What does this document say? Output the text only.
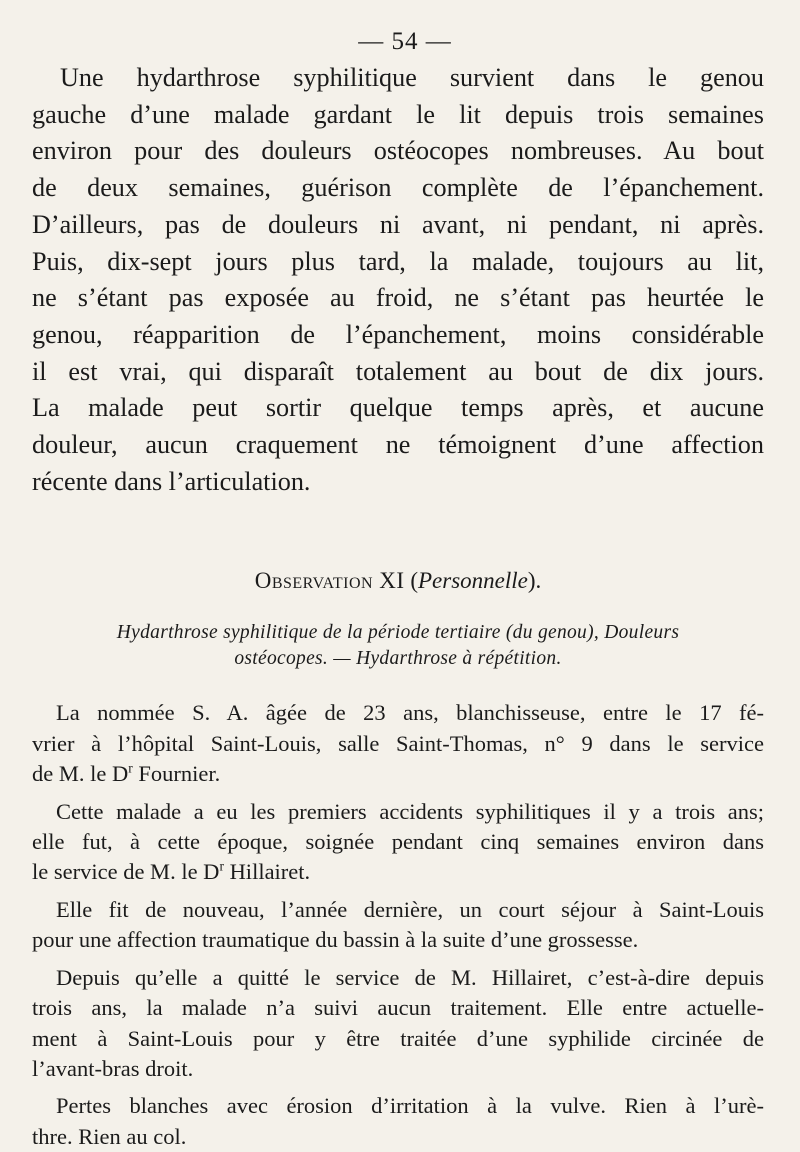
— 54 —

Une hydarthrose syphilitique survient dans le genou

gauche d’une malade gardant le lit depuis trois semaines

environ pour des douleurs ostéocopes nombreuses. Au bout

de deux semaines, guérison complète de l’épanchement.

D’ailleurs, pas de douleurs ni avant, ni pendant, ni après.

Puis, dix-sept jours plus tard, la malade, toujours au lit,

ne s’étant pas exposée au froid, ne s’étant pas heurtée le

genou, réapparition de l’épanchement, moins considérable

il est vrai, qui disparaît totalement au bout de dix jours.

La malade peut sortir quelque temps après, et aucune

douleur, aucun craquement ne témoignent d’une affection

récente dans l’articulation.

Observation XI (Personnelle).
Hydarthrose syphilitique de la période tertiaire (du genou), Douleurs
ostéocopes. — Hydarthrose à répétition.

La nommée S. A. âgée de 23 ans, blanchisseuse, entre le 17 fé-
vrier à l’hôpital Saint-Louis, salle Saint-Thomas, n° 9 dans le service
de M. le $D^r$ Fournier.

Cette malade a eu les premiers accidents syphilitiques il y a trois ans;
elle fut, à cette époque, soignée pendant cinq semaines environ dans
le service de M. le $D^r$ Hillairet.

Elle fit de nouveau, l’année dernière, un court séjour à Saint-Louis
pour une affection traumatique du bassin à la suite d’une grossesse.

Depuis qu’elle a quitté le service de M. Hillairet, c’est-à-dire depuis
trois ans, la malade n’a suivi aucun traitement. Elle entre actuelle-
ment à Saint-Louis pour y être traitée d’une syphilide circinée de
l’avant-bras droit.

Pertes blanches avec érosion d’irritation à la vulve. Rien à l’urè-
thre. Rien au col.
